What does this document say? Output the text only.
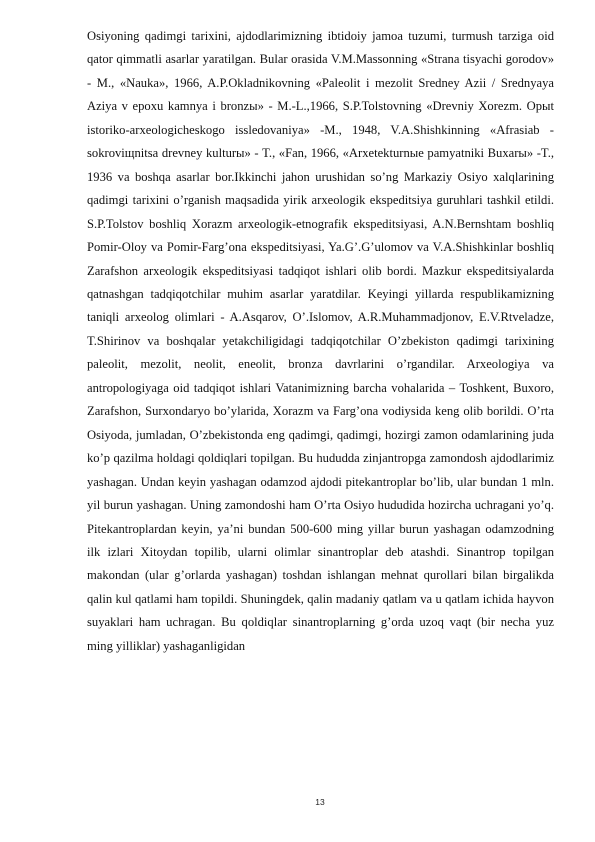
Osiyoning qadimgi tarixini, ajdodlarimizning ibtidoiy jamoa tuzumi, turmush tarziga oid qator qimmatli asarlar yaratilgan. Bular orasida V.M.Massonning «Strana tisyachi gorodov» - M., «Nauka», 1966, A.P.Okladnikovning «Paleolit i mezolit Sredney Azii / Srednyaya Aziya v epoxu kamnya i bronzы» - M.-L.,1966, S.P.Tolstovning «Drevniy Xorezm. Opыt istoriko-arxeologicheskogo issledovaniya» -M., 1948, V.A.Shishkinning «Afrasiab - sokroviщnitsa drevney kulturы» - T., «Fan, 1966, «Arxetekturnыe pamyatniki Buxarы» -T., 1936 va boshqa asarlar bor.Ikkinchi jahon urushidan so’ng Markaziy Osiyo xalqlarining qadimgi tarixini o’rganish maqsadida yirik arxeologik ekspeditsiya guruhlari tashkil etildi. S.P.Tolstov boshliq Xorazm arxeologik-etnografik ekspeditsiyasi, A.N.Bernshtam boshliq Pomir-Oloy va Pomir-Farg’ona ekspeditsiyasi, Ya.G’.G’ulomov va V.A.Shishkinlar boshliq Zarafshon arxeologik ekspeditsiyasi tadqiqot ishlari olib bordi. Mazkur ekspeditsiyalarda qatnashgan tadqiqotchilar muhim asarlar yaratdilar. Keyingi yillarda respublikamizning taniqli arxeolog olimlari - A.Asqarov, O’.Islomov, A.R.Muhammadjonov, E.V.Rtveladze, T.Shirinov va boshqalar yetakchiligidagi tadqiqotchilar O’zbekiston qadimgi tarixining paleolit, mezolit, neolit, eneolit, bronza davrlarini o’rgandilar. Arxeologiya va antropologiyaga oid tadqiqot ishlari Vatanimizning barcha vohalarida – Toshkent, Buxoro, Zarafshon, Surxondaryo bo’ylarida, Xorazm va Farg’ona vodiysida keng olib borildi. O’rta Osiyoda, jumladan, O’zbekistonda eng qadimgi, qadimgi, hozirgi zamon odamlarining juda ko’p qazilma holdagi qoldiqlari topilgan. Bu hududda zinjantropga zamondosh ajdodlarimiz yashagan. Undan keyin yashagan odamzod ajdodi pitekantroplar bo’lib, ular bundan 1 mln. yil burun yashagan. Uning zamondoshi ham O’rta Osiyo hududida hozircha uchragani yo’q. Pitekantroplardan keyin, ya’ni bundan 500-600 ming yillar burun yashagan odamzodning ilk izlari Xitoydan topilib, ularni olimlar sinantroplar deb atashdi. Sinantrop topilgan makondan (ular g’orlarda yashagan) toshdan ishlangan mehnat qurollari bilan birgalikda qalin kul qatlami ham topildi. Shuningdek, qalin madaniy qatlam va u qatlam ichida hayvon suyaklari ham uchragan. Bu qoldiqlar sinantroplarning g’orda uzoq vaqt (bir necha yuz ming yilliklar) yashaganligidan

13
